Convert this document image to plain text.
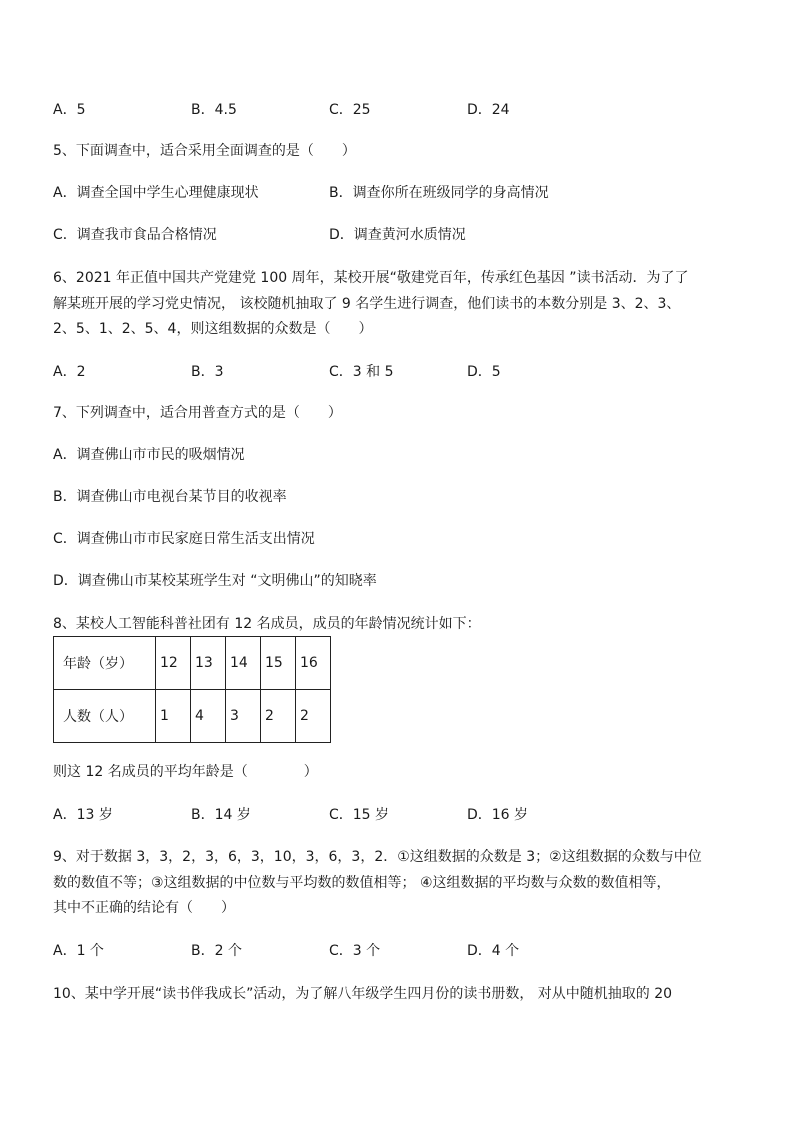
A．5	B．4.5	C．25	D．24
5、下面调查中，适合采用全面调查的是（　　）
A．调查全国中学生心理健康现状	B．调查你所在班级同学的身高情况
C．调查我市食品合格情况	D．调查黄河水质情况
6、2021 年正值中国共产党建党 100 周年，某校开展“敬建党百年，传承红色基因 ”读书活动．为了了
解某班开展的学习党史情况， 该校随机抽取了 9 名学生进行调查，他们读书的本数分别是 3、2、3、
2、5、1、2、5、4，则这组数据的众数是（　　）
A．2	B．3	C．3 和 5	D．5
7、下列调查中，适合用普查方式的是（　　）
A．调查佛山市市民的吸烟情况
B．调查佛山市电视台某节目的收视率
C．调查佛山市市民家庭日常生活支出情况
D．调查佛山市某校某班学生对 “文明佛山”的知晓率
8、某校人工智能科普社团有 12 名成员，成员的年龄情况统计如下：
年龄（岁）	12	13	14	15	16
人数（人）	1	4	3	2	2
则这 12 名成员的平均年龄是（　　　　）
A．13 岁	B．14 岁	C．15 岁	D．16 岁
9、对于数据 3，3，2，3，6，3，10，3，6，3，2．①这组数据的众数是 3；②这组数据的众数与中位
数的数值不等；③这组数据的中位数与平均数的数值相等； ④这组数据的平均数与众数的数值相等，
其中不正确的结论有（　　）
A．1 个	B．2 个	C．3 个	D．4 个
10、某中学开展“读书伴我成长”活动，为了解八年级学生四月份的读书册数， 对从中随机抽取的 20
